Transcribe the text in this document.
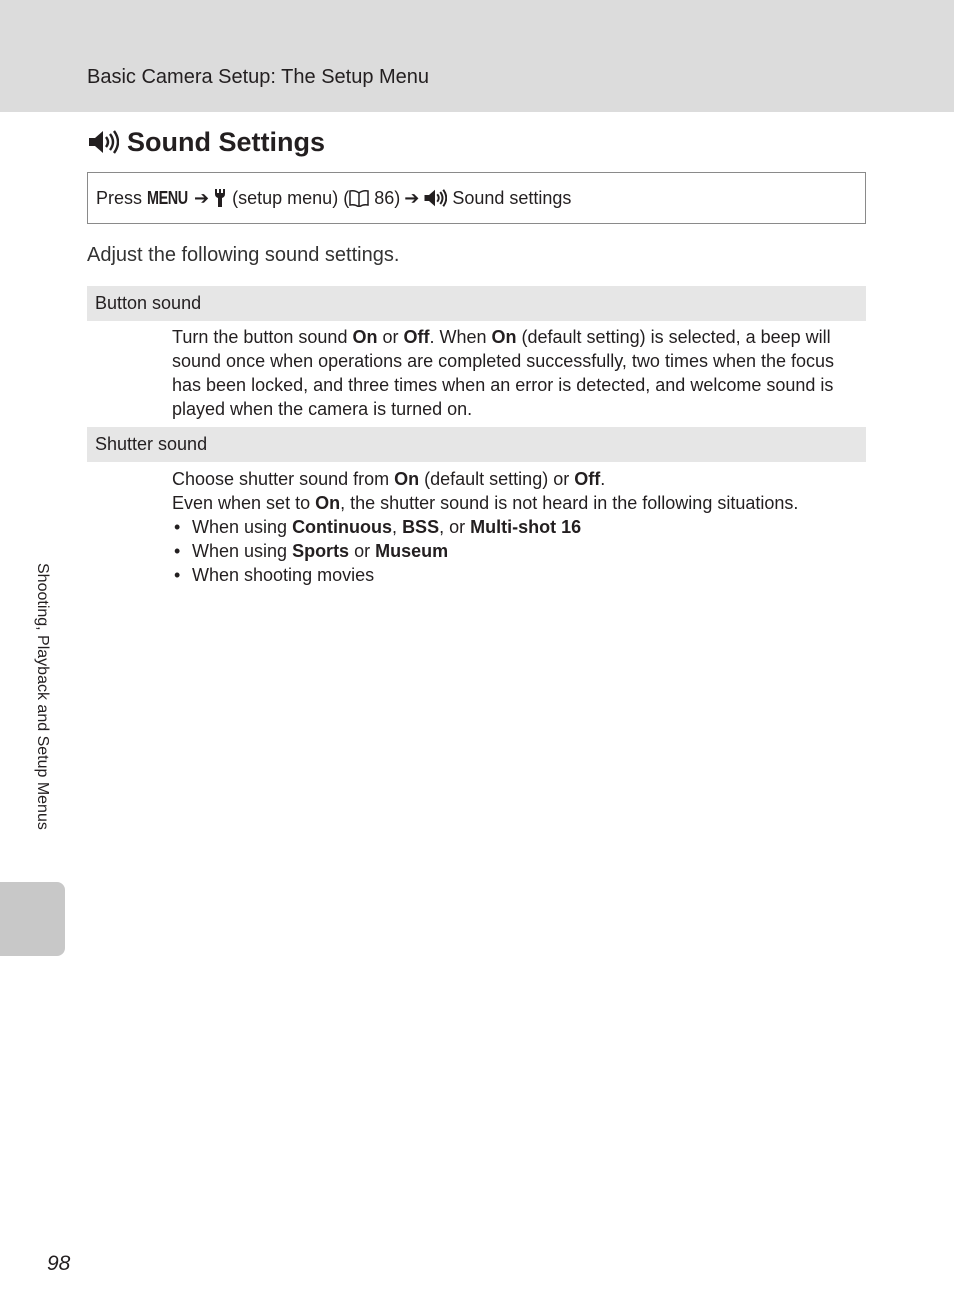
Basic Camera Setup: The Setup Menu
Sound Settings
Press
MENU ➔
(setup menu) (
86) ➔
Sound settings
Adjust the following sound settings.
Button sound

Turn the button sound On or Off. When On (default setting) is selected, a beep will sound once when operations are completed successfully, two times when the focus has been locked, and three times when an error is detected, and welcome sound is played when the camera is turned on.

Shutter sound

Choose shutter sound from On (default setting) or Off.

Even when set to On, the shutter sound is not heard in the following situations.

• When using Continuous, BSS, or Multi-shot 16
• When using Sports or Museum
• When shooting movies
Shooting, Playback and Setup Menus
98
